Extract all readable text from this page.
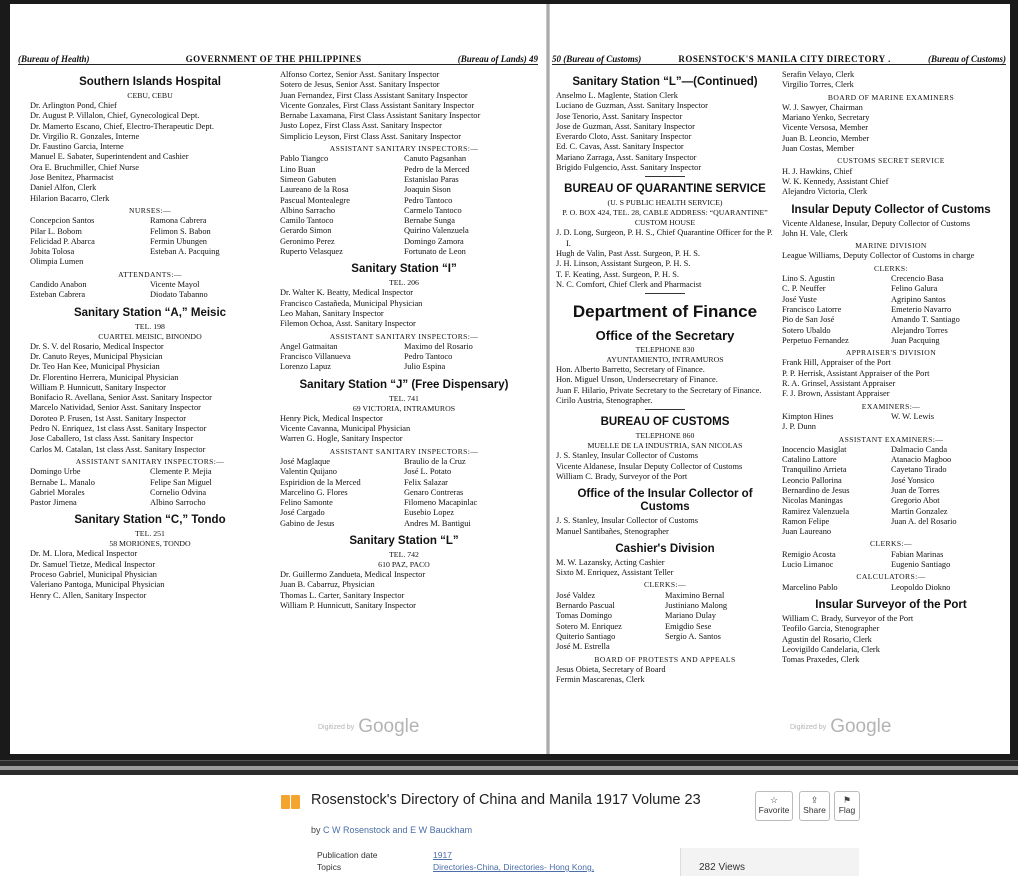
(Bureau of Health)	GOVERNMENT OF THE PHILIPPINES	(Bureau of Lands) 49
Southern Islands Hospital
CEBU, CEBU

Dr. Arlington Pond, Chief

Dr. August P. Villalon, Chief, Gynecological Dept.

Dr. Mamerto Escano, Chief, Electro-Therapeutic Dept.

Dr. Virgilio R. Gonzales, Interne

Dr. Faustino Garcia, Interne

Manuel E. Sabater, Superintendent and Cashier

Ora E. Bruchmiller, Chief Nurse

Jose Benitez, Pharmacist

Daniel Alfon, Clerk

Hilarion Bacarro, Clerk

NURSES:—
Concepcion Santos	Ramona Cabrera
Pilar L. Bobom	Felimon S. Babon
Felicidad P. Abarca	Fermin Ubungen
Jobita Tolosa	Esteban A. Pacquing
Olimpia Lumen
ATTENDANTS:—
Candido Anabon	Vicente Mayol
Esteban Cabrera	Diodato Tabanno
Sanitary Station “A,” Meisic
TEL. 198
CUARTEL MEISIC, BINONDO

Dr. S. V. del Rosario, Medical Inspector

Dr. Canuto Reyes, Municipal Physician

Dr. Teo Han Kee, Municipal Physician

Dr. Florentino Herrera, Municipal Physician

William P. Hunnicutt, Sanitary Inspector

Bonifacio R. Avellana, Senior Asst. Sanitary Inspector

Marcelo Natividad, Senior Asst. Sanitary Inspector

Doroteo P. Frusen, 1st Asst. Sanitary Inspector

Pedro N. Enriquez, 1st class Asst. Sanitary Inspector

Jose Caballero, 1st class Asst. Sanitary Inspector

Carlos M. Catalan, 1st class Asst. Sanitary Inspector

ASSISTANT SANITARY INSPECTORS:—
Domingo Urbe	Clemente P. Mejia
Bernabe L. Manalo	Felipe San Miguel
Gabriel Morales	Cornelio Odvina
Pastor Jimena	Albino Sarrocho
Sanitary Station “C,” Tondo
TEL. 251
58 MORIONES, TONDO

Dr. M. Llora, Medical Inspector

Dr. Samuel Tietze, Medical Inspector

Proceso Gabriel, Municipal Physician

Valeriano Pantoga, Municipal Physician

Henry C. Allen, Sanitary Inspector

Alfonso Cortez, Senior Asst. Sanitary Inspector

Sotero de Jesus, Senior Asst. Sanitary Inspector

Juan Fernandez, First Class Assistant Sanitary Inspector

Vicente Gonzales, First Class Assistant Sanitary Inspector

Bernabe Laxamana, First Class Assistant Sanitary Inspector

Justo Lopez, First Class Asst. Sanitary Inspector

Simplicio Leyson, First Class Asst. Sanitary Inspector

ASSISTANT SANITARY INSPECTORS:—
Pablo Tiangco	Canuto Pagsanhan
Lino Buan	Pedro de la Merced
Simeon Gabuten	Estanislao Paras
Laureano de la Rosa	Joaquin Sison
Pascual Montealegre	Pedro Tantoco
Albino Sarracho	Carmelo Tantoco
Camilo Tantoco	Bernabe Sunga
Gerardo Simon	Quirino Valenzuela
Geronimo Perez	Domingo Zamora
Ruperto Velasquez	Fortunato de Leon
Sanitary Station “I”
TEL. 206

Dr. Walter K. Beatty, Medical Inspector

Francisco Castañeda, Municipal Physician

Leo Mahan, Sanitary Inspector

Filemon Ochoa, Asst. Sanitary Inspector

ASSISTANT SANITARY INSPECTORS:—
Angel Gatmaitan	Maximo del Rosario
Francisco Villanueva	Pedro Tantoco
Lorenzo Lapuz	Julio Espina
Sanitary Station “J” (Free Dispensary)
TEL. 741
69 VICTORIA, INTRAMUROS

Henry Pick, Medical Inspector

Vicente Cavanna, Municipal Physician

Warren G. Hogle, Sanitary Inspector

ASSISTANT SANITARY INSPECTORS:—
José Maglaque	Braulio de la Cruz
Valentin Quijano	José L. Potato
Espiridion de la Merced	Felix Salazar
Marcelino G. Flores	Genaro Contreras
Felino Samonte	Filomeno Macapinlac
José Cargado	Eusebio Lopez
Gabino de Jesus	Andres M. Bantigui
Sanitary Station “L”
TEL. 742
610 PAZ, PACO

Dr. Guillermo Zandueta, Medical Inspector

Juan B. Cabarruz, Physician

Thomas L. Carter, Sanitary Inspector

William P. Hunnicutt, Sanitary Inspector

Digitized by Google
50 (Bureau of Customs)	ROSENSTOCK'S MANILA CITY DIRECTORY .	(Bureau of Customs)
Sanitary Station “L”—(Continued)

Anselmo L. Maglente, Station Clerk

Luciano de Guzman, Asst. Sanitary Inspector

Jose Tenorio, Asst. Sanitary Inspector

Jose de Guzman, Asst. Sanitary Inspector

Everardo Cloto, Asst. Sanitary Inspector

Ed. C. Cavas, Asst. Sanitary Inspector

Mariano Zarraga, Asst. Sanitary Inspector

Brigido Fulgencio, Asst. Sanitary Inspector

BUREAU OF QUARANTINE SERVICE
(U. S PUBLIC HEALTH SERVICE)
P. O. BOX 424, TEL. 28, CABLE ADDRESS: “QUARANTINE”
CUSTOM HOUSE

J. D. Long, Surgeon, P. H. S., Chief Quarantine Officer for the P. I.

Hugh de Valin, Past Asst. Surgeon, P. H. S.

J. H. Linson, Assistant Surgeon, P. H. S.

T. F. Keating, Asst. Surgeon, P. H. S.

N. C. Comfort, Chief Clerk and Pharmacist

Department of Finance
Office of the Secretary
TELEPHONE 830
AYUNTAMIENTO, INTRAMUROS

Hon. Alberto Barretto, Secretary of Finance.

Hon. Miguel Unson, Undersecretary of Finance.

Juan F. Hilario, Private Secretary to the Secretary of Finance.

Cirilo Austria, Stenographer.

BUREAU OF CUSTOMS
TELEPHONE 860
MUELLE DE LA INDUSTRIA, SAN NICOLAS

J. S. Stanley, Insular Collector of Customs

Vicente Aldanese, Insular Deputy Collector of Customs

William C. Brady, Surveyor of the Port

Office of the Insular Collector of Customs

J. S. Stanley, Insular Collector of Customs

Manuel Santibañes, Stenographer

Cashier's Division

M. W. Lazansky, Acting Cashier

Sixto M. Enriquez, Assistant Teller

CLERKS:—
José Valdez	Maximino Bernal
Bernardo Pascual	Justiniano Malong
Tomas Domingo	Mariano Dulay
Sotero M. Enriquez	Emigdio Sese
Quiterio Santiago	Sergio A. Santos
José M. Estrella
BOARD OF PROTESTS AND APPEALS

Jesus Obieta, Secretary of Board

Fermin Mascarenas, Clerk

Serafin Velayo, Clerk

Virgilio Torres, Clerk

BOARD OF MARINE EXAMINERS

W. J. Sawyer, Chairman

Mariano Yenko, Secretary

Vicente Versosa, Member

Juan B. Leoncio, Member

Juan Costas, Member

CUSTOMS SECRET SERVICE

H. J. Hawkins, Chief

W. K. Kennedy, Assistant Chief

Alejandro Victoria, Clerk

Insular Deputy Collector of Customs

Vicente Aldanese, Insular, Deputy Collector of Customs

John H. Vale, Clerk

MARINE DIVISION

League Williams, Deputy Collector of Customs in charge

CLERKS:
Lino S. Agustin	Crecencio Basa
C. P. Neuffer	Felino Galura
José Yuste	Agripino Santos
Francisco Latorre	Emeterio Navarro
Pio de San José	Amando T. Santiago
Sotero Ubaldo	Alejandro Torres
Perpetuo Fernandez	Juan Pacquing
APPRAISER'S DIVISION

Frank Hill, Appraiser of the Port

P. P. Herrisk, Assistant Appraiser of the Port

R. A. Grinsel, Assistant Appraiser

F. J. Brown, Assistant Appraiser

EXAMINERS:—
Kimpton Hines	W. W. Lewis
J. P. Dunn
ASSISTANT EXAMINERS:—
Inocencio Masiglat	Dalmacio Canda
Catalino Lattore	Atanacio Magboo
Tranquilino Arrieta	Cayetano Tirado
Leoncio Pallorina	José Yonsico
Bernardino de Jesus	Juan de Torres
Nicolas Maningas	Gregorio Abot
Ramirez Valenzuela	Martin Gonzalez
Ramon Felipe	Juan A. del Rosario
Juan Laureano
CLERKS:—
Remigio Acosta	Fabian Marinas
Lucio Limanoc	Eugenio Santiago
CALCULATORS:—
Marcelino Pablo	Leopoldo Diokno
Insular Surveyor of the Port

William C. Brady, Surveyor of the Port

Teofilo Garcia, Stenographer

Agustin del Rosario, Clerk

Leovigildo Candelaria, Clerk

Tomas Praxedes, Clerk

Digitized by Google
Rosenstock's Directory of China and Manila 1917 Volume 23
by C W Rosenstock and E W Bauckham
☆
Favorite
⇪
Share
⚑
Flag
Publication date	1917
Topics	Directories-China, Directories- Hong Kong,	282 Views
